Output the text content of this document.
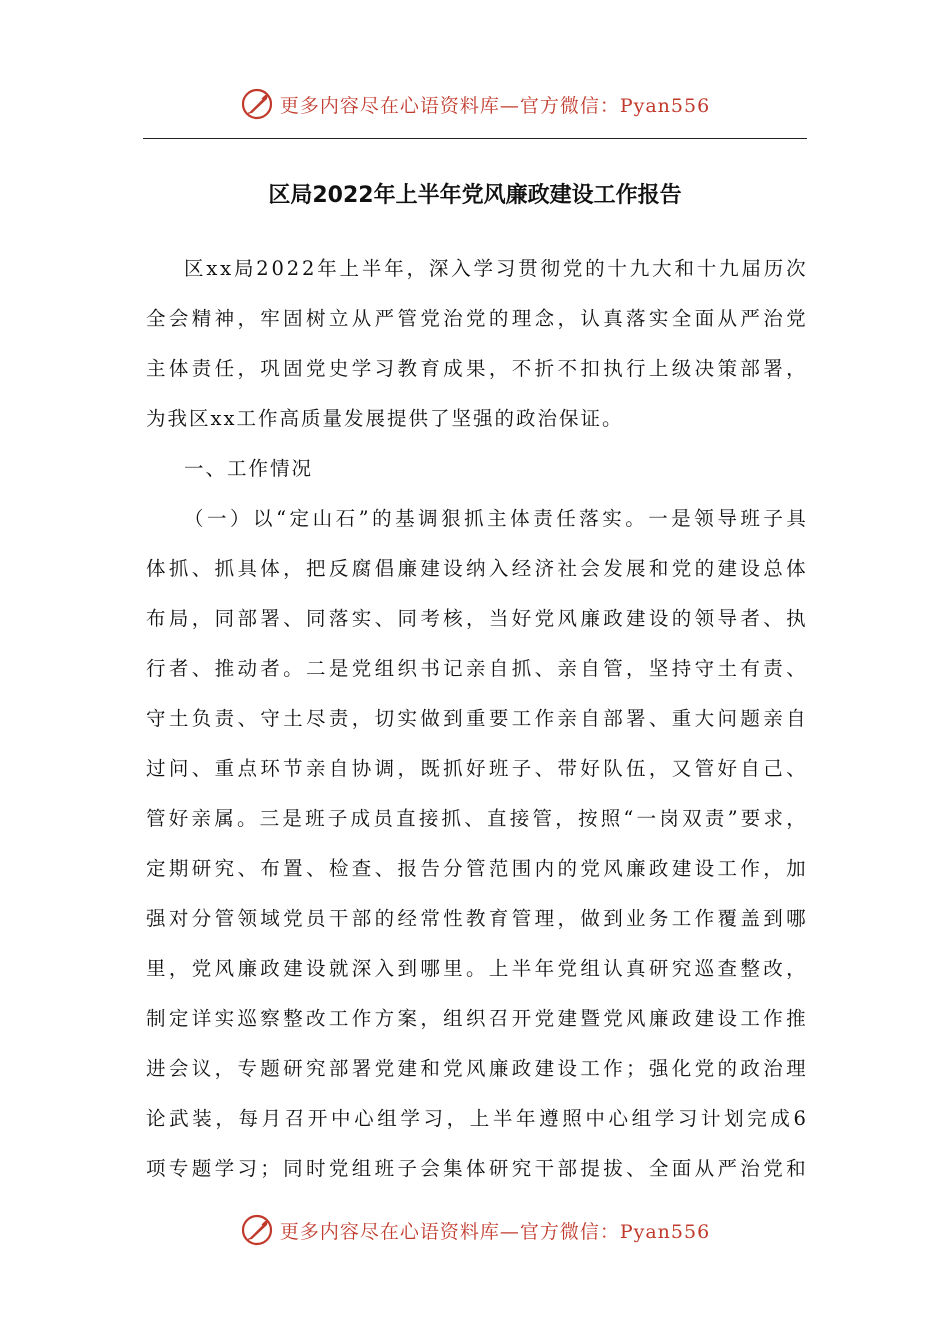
更多内容尽在心语资料库—官方微信：Pyan556
区局2022年上半年党风廉政建设工作报告
区 x x 局 2 0 2 2 年 上 半 年 ， 深 入 学 习 贯 彻 党 的 十 九 大 和 十 九 届 历 次
全 会 精 神 ， 牢 固 树 立 从 严 管 党 治 党 的 理 念 ， 认 真 落 实 全 面 从 严 治 党
主 体 责 任 ， 巩 固 党 史 学 习 教 育 成 果 ， 不 折 不 扣 执 行 上 级 决 策 部 署 ，
为我区xx工作高质量发展提供了坚强的政治保证。
一、工作情况
（ 一 ） 以 “ 定 山 石 ” 的 基 调 狠 抓 主 体 责 任 落 实 。 一 是 领 导 班 子 具
体 抓 、 抓 具 体 ， 把 反 腐 倡 廉 建 设 纳 入 经 济 社 会 发 展 和 党 的 建 设 总 体
布 局 ， 同 部 署 、 同 落 实 、 同 考 核 ， 当 好 党 风 廉 政 建 设 的 领 导 者 、 执
行 者 、 推 动 者 。 二 是 党 组 织 书 记 亲 自 抓 、 亲 自 管 ， 坚 持 守 土 有 责 、
守 土 负 责 、 守 土 尽 责 ， 切 实 做 到 重 要 工 作 亲 自 部 署 、 重 大 问 题 亲 自
过 问 、 重 点 环 节 亲 自 协 调 ， 既 抓 好 班 子 、 带 好 队 伍 ， 又 管 好 自 己 、
管 好 亲 属 。 三 是 班 子 成 员 直 接 抓 、 直 接 管 ， 按 照 “ 一 岗 双 责 ” 要 求 ，
定 期 研 究 、 布 置 、 检 查 、 报 告 分 管 范 围 内 的 党 风 廉 政 建 设 工 作 ， 加
强 对 分 管 领 域 党 员 干 部 的 经 常 性 教 育 管 理 ， 做 到 业 务 工 作 覆 盖 到 哪
里 ， 党 风 廉 政 建 设 就 深 入 到 哪 里 。 上 半 年 党 组 认 真 研 究 巡 查 整 改 ，
制 定 详 实 巡 察 整 改 工 作 方 案 ， 组 织 召 开 党 建 暨 党 风 廉 政 建 设 工 作 推
进 会 议 ， 专 题 研 究 部 署 党 建 和 党 风 廉 政 建 设 工 作 ； 强 化 党 的 政 治 理
论 武 装 ， 每 月 召 开 中 心 组 学 习 ， 上 半 年 遵 照 中 心 组 学 习 计 划 完 成 6
项 专 题 学 习 ； 同 时 党 组 班 子 会 集 体 研 究 干 部 提 拔 、 全 面 从 严 治 党 和
更多内容尽在心语资料库—官方微信：Pyan556
